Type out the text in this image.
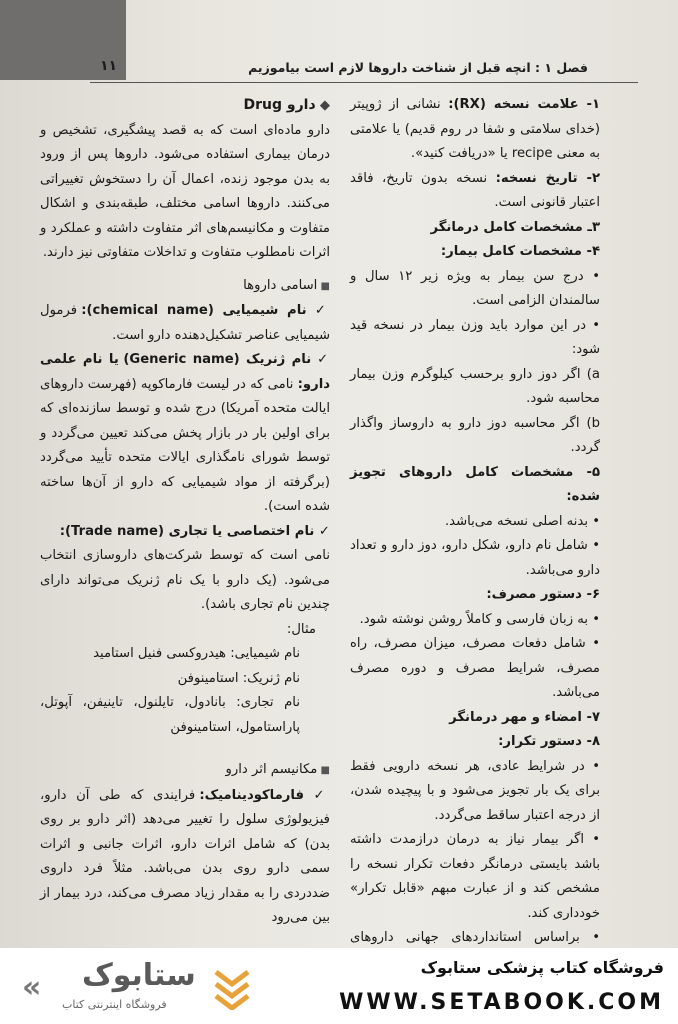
۱۱	فصل ۱ : انچه قبل از شناخت داروها لازم است بیاموزیم

۱- علامت نسخه (RX): نشانی از ژوپیتر (خدای سلامتی و شفا در روم قدیم) یا علامتی به معنی recipe یا «دریافت کنید».

۲- تاریخ نسخه: نسخه بدون تاریخ، فاقد اعتبار قانونی است.

۳ـ مشخصات کامل درمانگر

۴- مشخصات کامل بیمار:

• درج سن بیمار به ویژه زیر ۱۲ سال و سالمندان الزامی است.

• در این موارد باید وزن بیمار در نسخه قید شود:

a) اگر دوز دارو برحسب کیلوگرم وزن بیمار محاسبه شود.

b) اگر محاسبه دوز دارو به داروساز واگذار گردد.

۵- مشخصات کامل داروهای تجویز شده:

• بدنه اصلی نسخه می‌باشد.

• شامل نام دارو، شکل دارو، دوز دارو و تعداد دارو می‌باشد.

۶- دستور مصرف:

• به زبان فارسی و کاملاً روشن نوشته شود.

• شامل دفعات مصرف، میزان مصرف، راه مصرف، شرایط مصرف و دوره مصرف می‌باشد.

۷- امضاء و مهر درمانگر

۸- دستور تکرار:

• در شرایط عادی، هر نسخه دارویی فقط برای یک بار تجویز می‌شود و با پیچیده شدن، از درجه اعتبار ساقط می‌گردد.

• اگر بیمار نیاز به درمان درازمدت داشته باشد بایستی درمانگر دفعات تکرار نسخه را مشخص کند و از عبارت مبهم «قابل تکرار» خودداری کند.

• براساس استانداردهای جهانی داروهای

◆ دارو Drug

دارو ماده‌ای است که به قصد پیشگیری، تشخیص و درمان بیماری استفاده می‌شود. داروها پس از ورود به بدن موجود زنده، اعمال آن را دستخوش تغییراتی می‌کنند. داروها اسامی مختلف، طبقه‌بندی و اشکال متفاوت و مکانیسم‌های اثر متفاوت داشته و عملکرد و اثرات نامطلوب متفاوت و تداخلات متفاوتی نیز دارند.

■ اسامی داروها

✓ نام شیمیایی (chemical name): فرمول شیمیایی عناصر تشکیل‌دهنده دارو است.

✓ نام ژنریک (Generic name) یا نام علمی دارو: نامی که در لیست فارماکوپه (فهرست داروهای ایالت متحده آمریکا) درج شده و توسط سازنده‌ای که برای اولین بار در بازار پخش می‌کند تعیین می‌گردد و توسط شورای نامگذاری ایالات متحده تأیید می‌گردد (برگرفته از مواد شیمیایی که دارو از آن‌ها ساخته شده است).

✓ نام اختصاصی یا تجاری (Trade name):

نامی است که توسط شرکت‌های داروسازی انتخاب می‌شود. (یک دارو با یک نام ژنریک می‌تواند دارای چندین نام تجاری باشد).

مثال:

نام شیمیایی: هیدروکسی فنیل استامید

نام ژنریک: استامینوفن

نام تجاری: بانادول، تایلنول، تاینیفن، آپوتل، پاراستامول، استامینوفن

■ مکانیسم اثر دارو

✓ فارماکودینامیک: فرایندی که طی آن دارو، فیزیولوژی سلول را تغییر می‌دهد (اثر دارو بر روی بدن) که شامل اثرات دارو، اثرات جانبی و اثرات سمی دارو روی بدن می‌باشد. مثلاً فرد داروی ضددردی را به مقدار زیاد مصرف می‌کند، درد بیمار از بین می‌رود

فروشگاه کتاب پزشکی ستابوک
WWW.SETABOOK.COM
« ستابوک
فروشگاه اینترنتی کتاب
